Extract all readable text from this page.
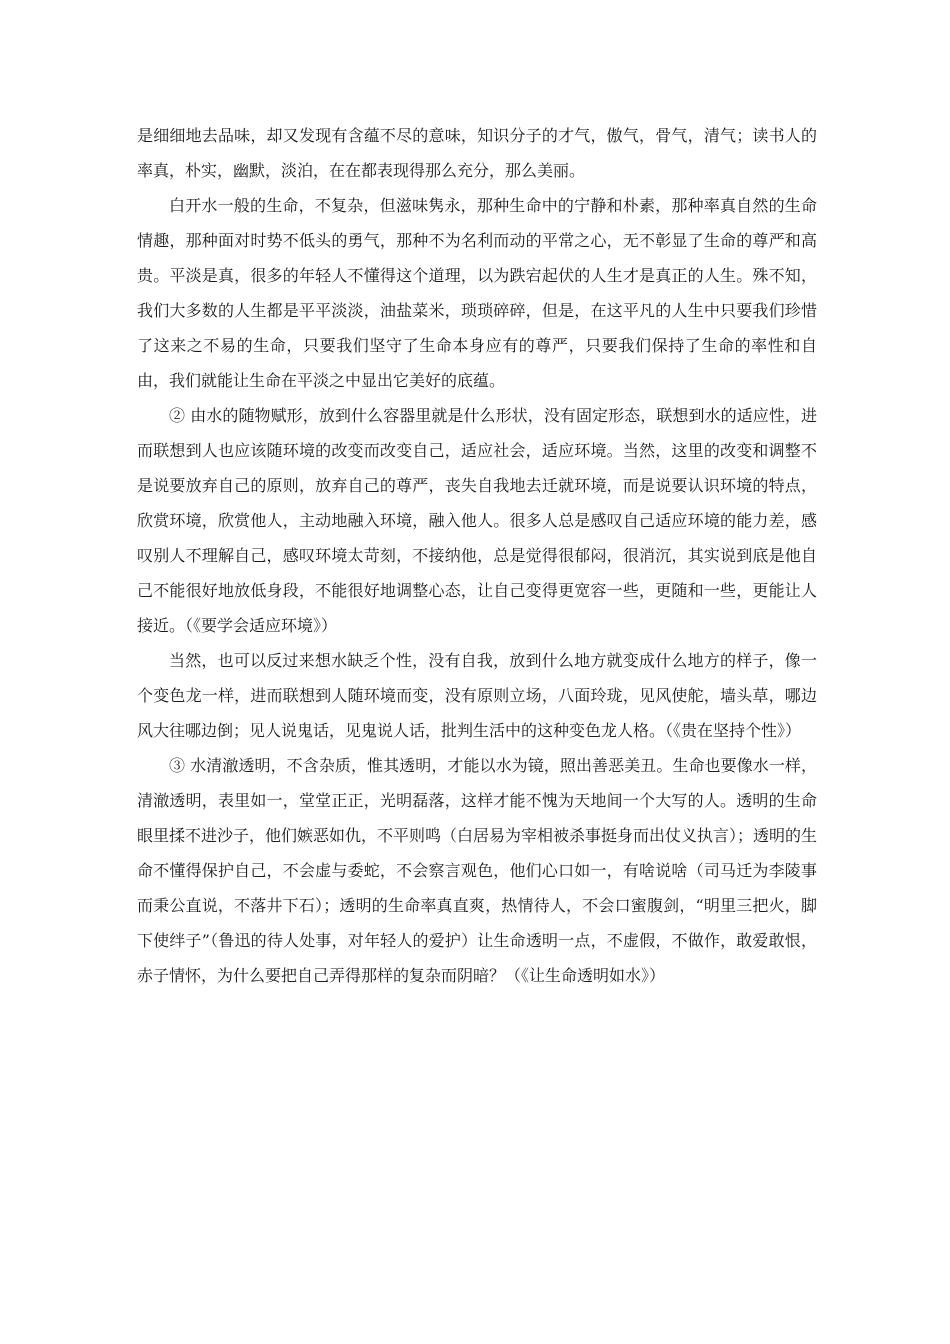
是细细地去品味，却又发现有含蕴不尽的意味，知识分子的才气，傲气，骨气，清气；读书人的率真，朴实，幽默，淡泊，在在都表现得那么充分，那么美丽。

白开水一般的生命，不复杂，但滋味隽永，那种生命中的宁静和朴素，那种率真自然的生命情趣，那种面对时势不低头的勇气，那种不为名利而动的平常之心，无不彰显了生命的尊严和高贵。平淡是真，很多的年轻人不懂得这个道理，以为跌宕起伏的人生才是真正的人生。殊不知，我们大多数的人生都是平平淡淡，油盐菜米，琐琐碎碎，但是，在这平凡的人生中只要我们珍惜了这来之不易的生命，只要我们坚守了生命本身应有的尊严，只要我们保持了生命的率性和自由，我们就能让生命在平淡之中显出它美好的底蕴。

② 由水的随物赋形，放到什么容器里就是什么形状，没有固定形态，联想到水的适应性，进而联想到人也应该随环境的改变而改变自己，适应社会，适应环境。当然，这里的改变和调整不是说要放弃自己的原则，放弃自己的尊严，丧失自我地去迁就环境，而是说要认识环境的特点，欣赏环境，欣赏他人，主动地融入环境，融入他人。很多人总是感叹自己适应环境的能力差，感叹别人不理解自己，感叹环境太苛刻，不接纳他，总是觉得很郁闷，很消沉，其实说到底是他自己不能很好地放低身段，不能很好地调整心态，让自己变得更宽容一些，更随和一些，更能让人接近。（《要学会适应环境》）

当然，也可以反过来想水缺乏个性，没有自我，放到什么地方就变成什么地方的样子，像一个变色龙一样，进而联想到人随环境而变，没有原则立场，八面玲珑，见风使舵，墙头草，哪边风大往哪边倒；见人说鬼话，见鬼说人话，批判生活中的这种变色龙人格。（《贵在坚持个性》）

③ 水清澈透明，不含杂质，惟其透明，才能以水为镜，照出善恶美丑。生命也要像水一样，清澈透明，表里如一，堂堂正正，光明磊落，这样才能不愧为天地间一个大写的人。透明的生命眼里揉不进沙子，他们嫉恶如仇，不平则鸣（白居易为宰相被杀事挺身而出仗义执言）；透明的生命不懂得保护自己，不会虚与委蛇，不会察言观色，他们心口如一，有啥说啥（司马迁为李陵事而秉公直说，不落井下石）；透明的生命率真直爽，热情待人，不会口蜜腹剑，“明里三把火，脚下使绊子”（鲁迅的待人处事，对年轻人的爱护）让生命透明一点，不虚假，不做作，敢爱敢恨，赤子情怀，为什么要把自己弄得那样的复杂而阴暗？（《让生命透明如水》）
